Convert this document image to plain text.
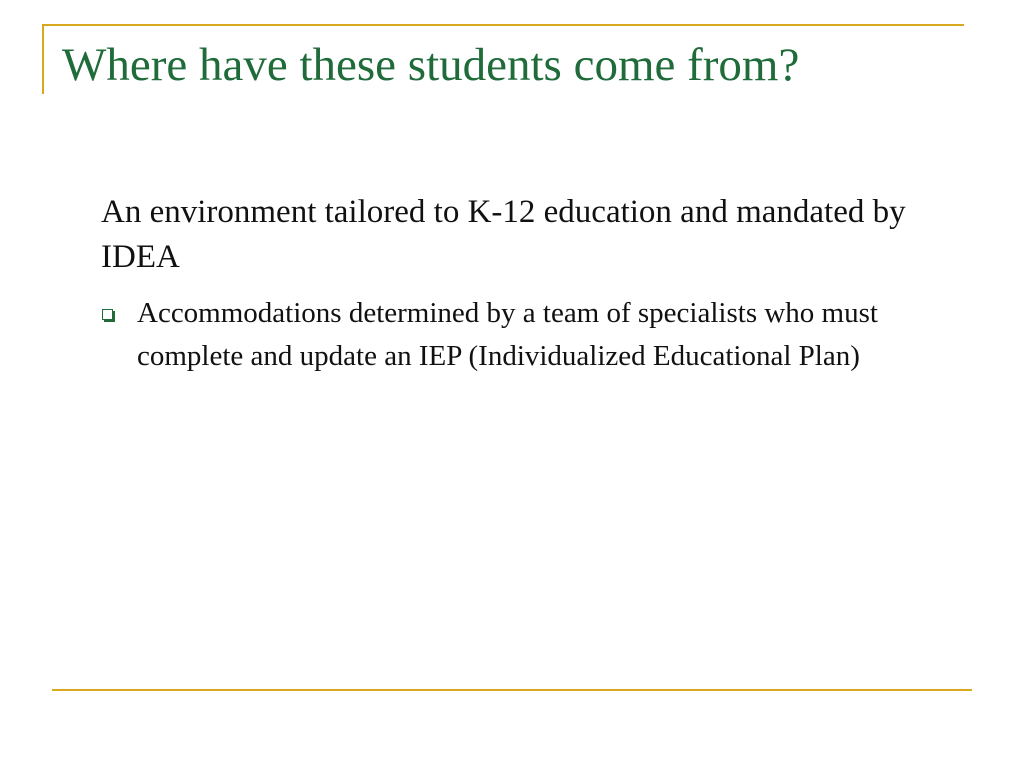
Where have these students come from?

An environment tailored to K-12 education and mandated by IDEA

Accommodations determined by a team of specialists who must complete and update an IEP (Individualized Educational Plan)
